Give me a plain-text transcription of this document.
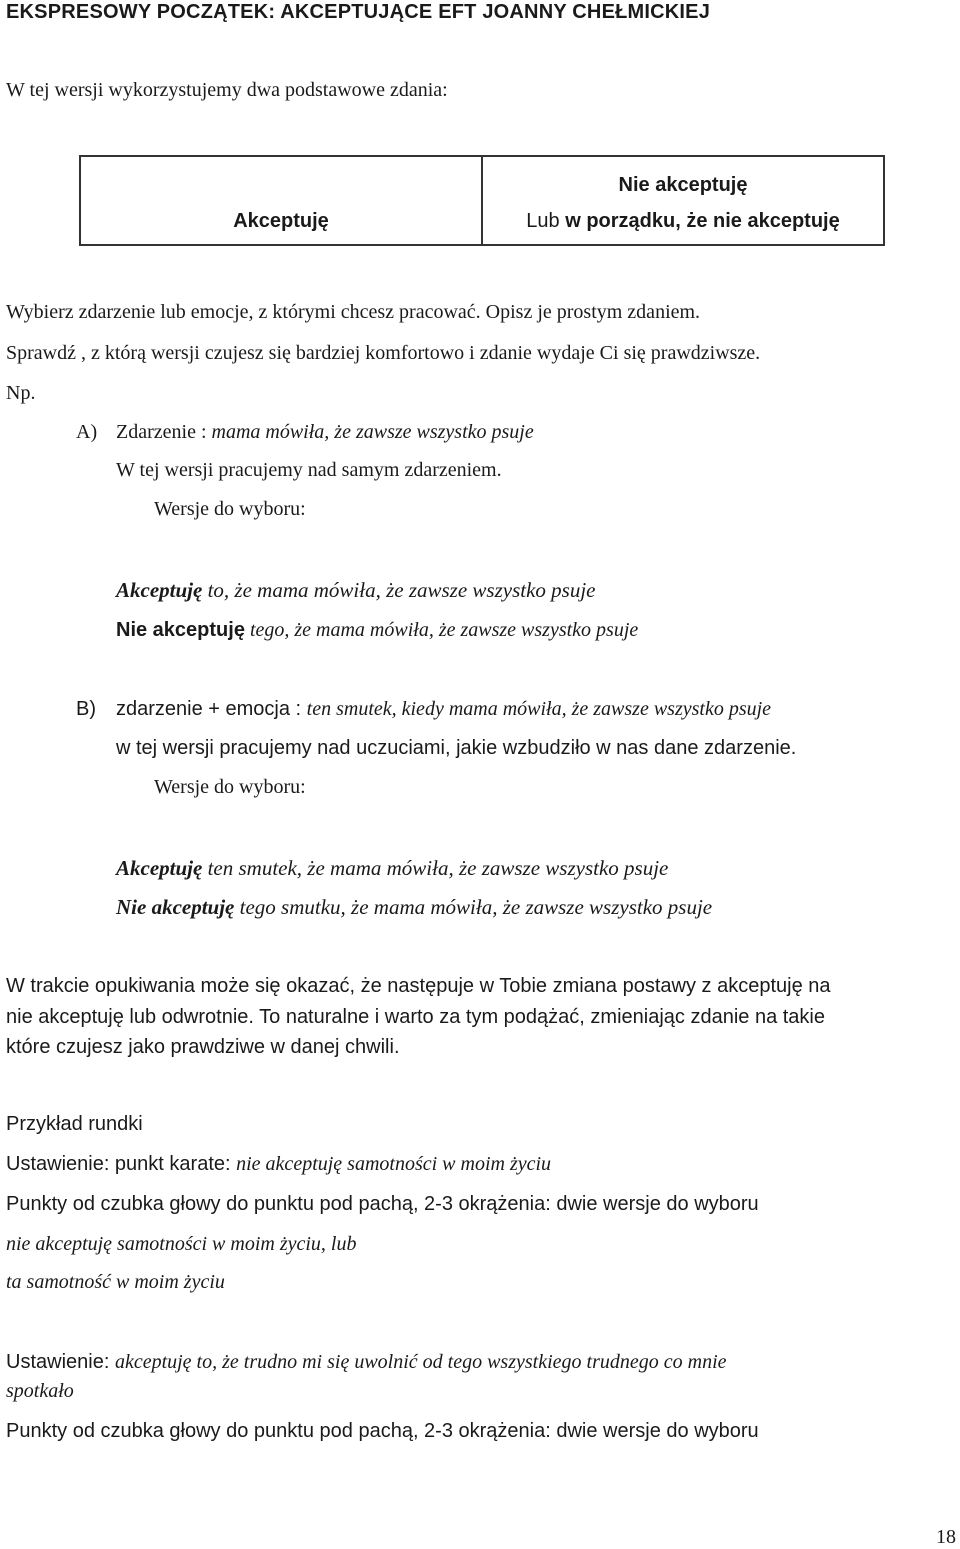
EKSPRESOWY POCZĄTEK: AKCEPTUJĄCE EFT JOANNY CHEŁMICKIEJ
W tej wersji wykorzystujemy dwa podstawowe zdania:
Akceptuję
Nie akceptuję
Lub w porządku, że nie akceptuję
Wybierz zdarzenie lub emocje, z którymi chcesz pracować. Opisz je prostym zdaniem.
Sprawdź , z którą wersji czujesz się bardziej komfortowo i zdanie wydaje Ci się prawdziwsze.
Np.
A) Zdarzenie : mama mówiła, że zawsze wszystko psuje
W tej wersji pracujemy nad samym zdarzeniem.
Wersje do wyboru:
Akceptuję to, że mama mówiła, że zawsze wszystko psuje
Nie akceptuję tego, że mama mówiła, że zawsze wszystko psuje
B) zdarzenie + emocja : ten smutek, kiedy mama mówiła, że zawsze wszystko psuje
w tej wersji pracujemy nad uczuciami, jakie wzbudziło w nas dane zdarzenie.
Wersje do wyboru:
Akceptuję ten smutek, że mama mówiła, że zawsze wszystko psuje
Nie akceptuję tego smutku, że mama mówiła, że zawsze wszystko psuje
W trakcie opukiwania może się okazać, że następuje w Tobie zmiana postawy z akceptuję na
nie akceptuję lub odwrotnie. To naturalne i warto za tym podążać, zmieniając zdanie na takie
które czujesz jako prawdziwe w danej chwili.
Przykład rundki
Ustawienie: punkt karate: nie akceptuję samotności w moim życiu
Punkty od czubka głowy do punktu pod pachą, 2-3 okrążenia: dwie wersje do wyboru
nie akceptuję samotności w moim życiu, lub
ta samotność w moim życiu
Ustawienie: akceptuję to, że trudno mi się uwolnić od tego wszystkiego trudnego co mnie
spotkało
Punkty od czubka głowy do punktu pod pachą, 2-3 okrążenia: dwie wersje do wyboru
18
